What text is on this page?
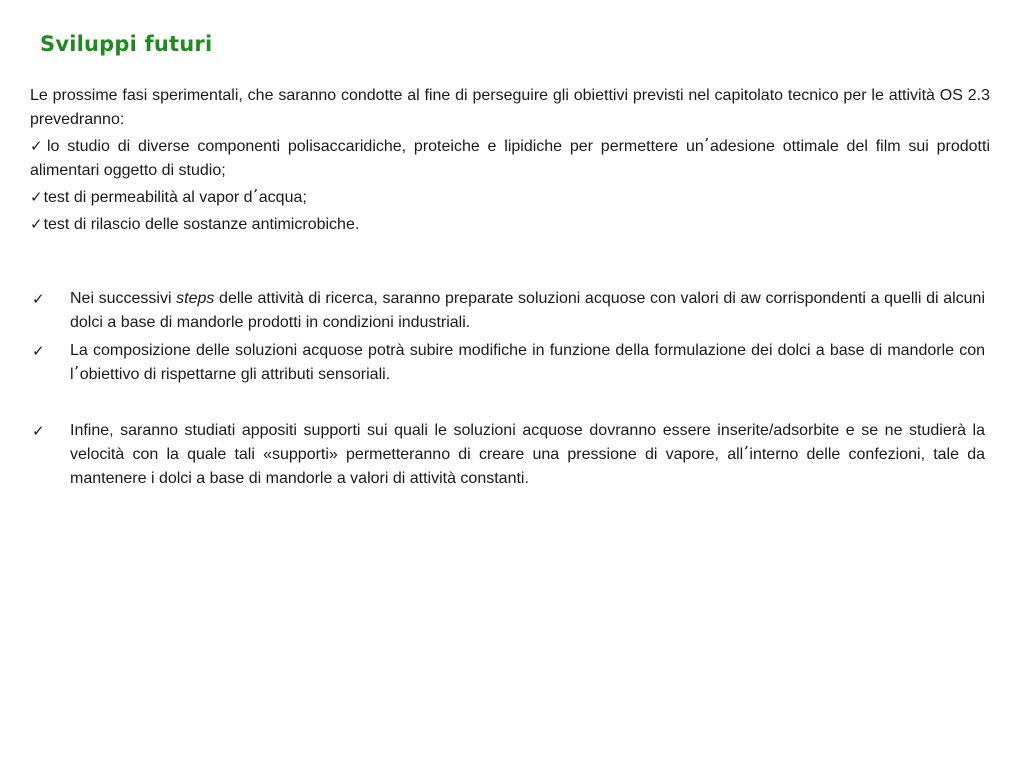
Sviluppi futuri

Le prossime fasi sperimentali, che saranno condotte al fine di perseguire gli obiettivi previsti nel capitolato tecnico per le attività OS 2.3 prevedranno:

✓lo studio di diverse componenti polisaccaridiche, proteiche e lipidiche per permettere un’adesione ottimale del film sui prodotti alimentari oggetto di studio;

✓test di permeabilità al vapor d’acqua;

✓test di rilascio delle sostanze antimicrobiche.

✓	Nei successivi steps delle attività di ricerca, saranno preparate soluzioni acquose con valori di aw corrispondenti a quelli di alcuni dolci a base di mandorle prodotti in condizioni industriali.
✓	La composizione delle soluzioni acquose potrà subire modifiche in funzione della formulazione dei dolci a base di mandorle con l’obiettivo di rispettarne gli attributi sensoriali.
✓	Infine, saranno studiati appositi supporti sui quali le soluzioni acquose dovranno essere inserite/adsorbite e se ne studierà la velocità con la quale tali «supporti» permetteranno di creare una pressione di vapore, all’interno delle confezioni, tale da mantenere i dolci a base di mandorle a valori di attività constanti.
